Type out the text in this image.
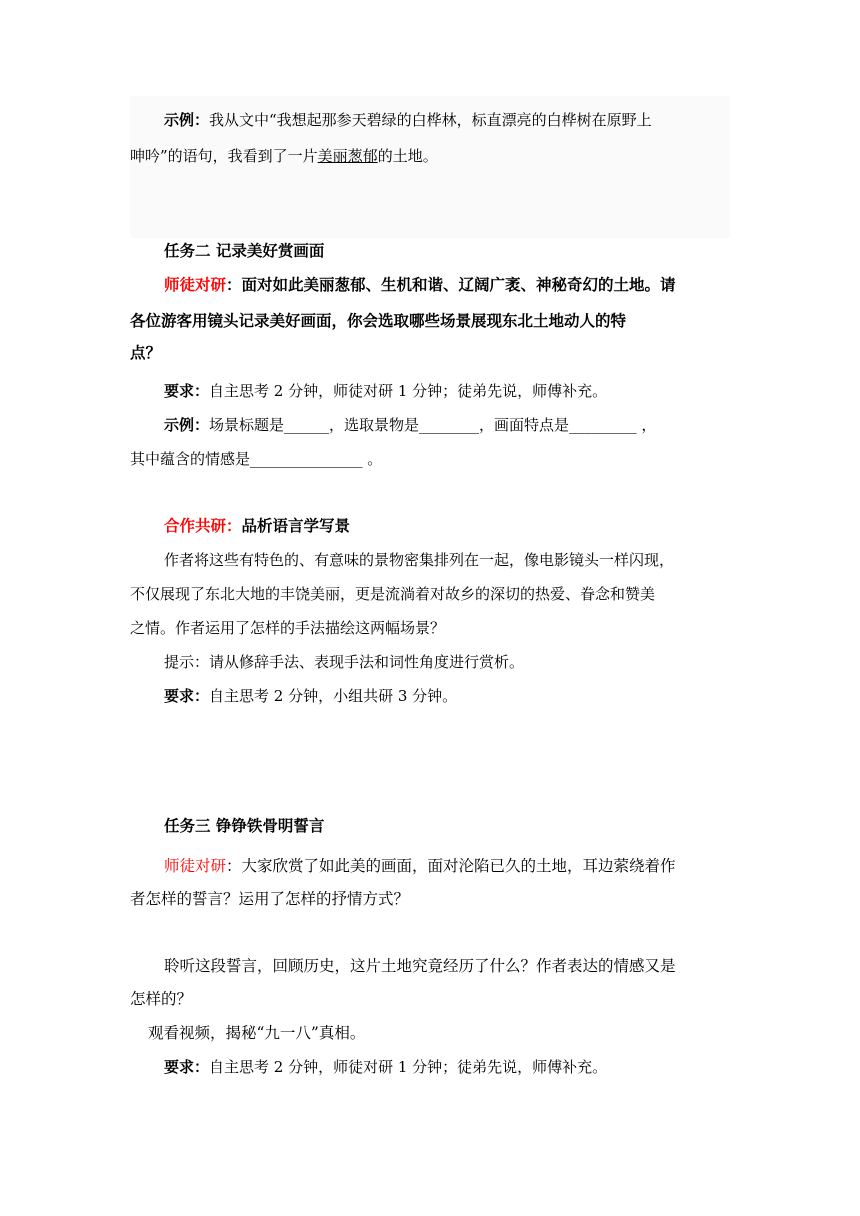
示例：我从文中“我想起那参天碧绿的白桦林，标直漂亮的白桦树在原野上
呻吟”的语句，我看到了一片美丽葱郁的土地。
任务二 记录美好赏画面
师徒对研：面对如此美丽葱郁、生机和谐、辽阔广袤、神秘奇幻的土地。请
各位游客用镜头记录美好画面，你会选取哪些场景展现东北土地动人的特
点？
要求：自主思考 2 分钟，师徒对研 1 分钟；徒弟先说，师傅补充。
示例：场景标题是______，选取景物是________，画面特点是_________ ，
其中蕴含的情感是_______________ 。
合作共研：品析语言学写景
作者将这些有特色的、有意味的景物密集排列在一起，像电影镜头一样闪现，
不仅展现了东北大地的丰饶美丽，更是流淌着对故乡的深切的热爱、眷念和赞美
之情。作者运用了怎样的手法描绘这两幅场景？
提示：请从修辞手法、表现手法和词性角度进行赏析。
要求：自主思考 2 分钟，小组共研 3 分钟。
任务三 铮铮铁骨明誓言
师徒对研：大家欣赏了如此美的画面，面对沦陷已久的土地，耳边萦绕着作
者怎样的誓言？运用了怎样的抒情方式？
聆听这段誓言，回顾历史，这片土地究竟经历了什么？作者表达的情感又是
怎样的？
观看视频，揭秘“九一八”真相。
要求：自主思考 2 分钟，师徒对研 1 分钟；徒弟先说，师傅补充。
